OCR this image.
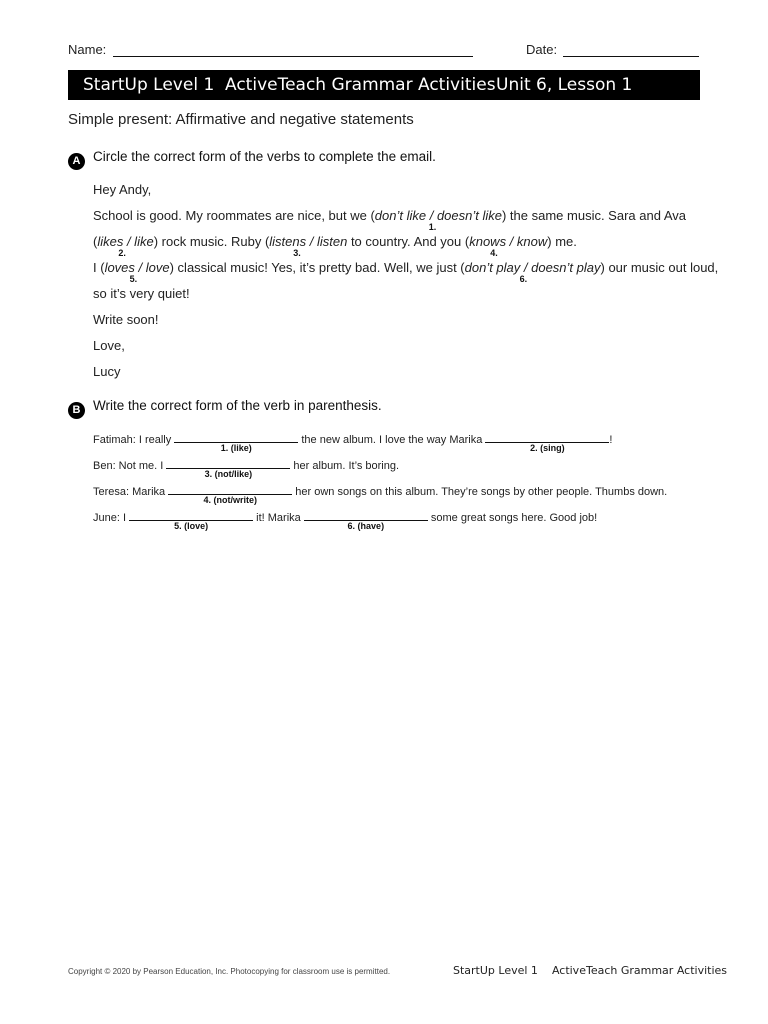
Name:	Date:
StartUp Level 1 ActiveTeach Grammar Activities Unit 6, Lesson 1
Simple present: Affirmative and negative statements
A Circle the correct form of the verbs to complete the email.
Hey Andy,
School is good. My roommates are nice, but we (don’t like / doesn’t like
1.
) the same music. Sara and Ava
(likes / like
2.
) rock music. Ruby (listens / listen
3.
to country. And you (knows / know
4.
) me.
I (loves / love
5.
) classical music! Yes, it’s pretty bad. Well, we just (don’t play / doesn’t play
6.
) our music out loud,
so it’s very quiet!
Write soon!
Love,
Lucy
B Write the correct form of the verb in parenthesis.
Fatimah: I really
1. (like)
the new album. I love the way Marika
2. (sing)
!
Ben: Not me. I
3. (not/like)
her album. It’s boring.
Teresa: Marika
4. (not/write)
her own songs on this album. They’re songs by other people. Thumbs down.
June: I
5. (love)
it! Marika
6. (have)
some great songs here. Good job!
Copyright © 2020 by Pearson Education, Inc. Photocopying for classroom use is permitted.	StartUp Level 1 ActiveTeach Grammar Activities
